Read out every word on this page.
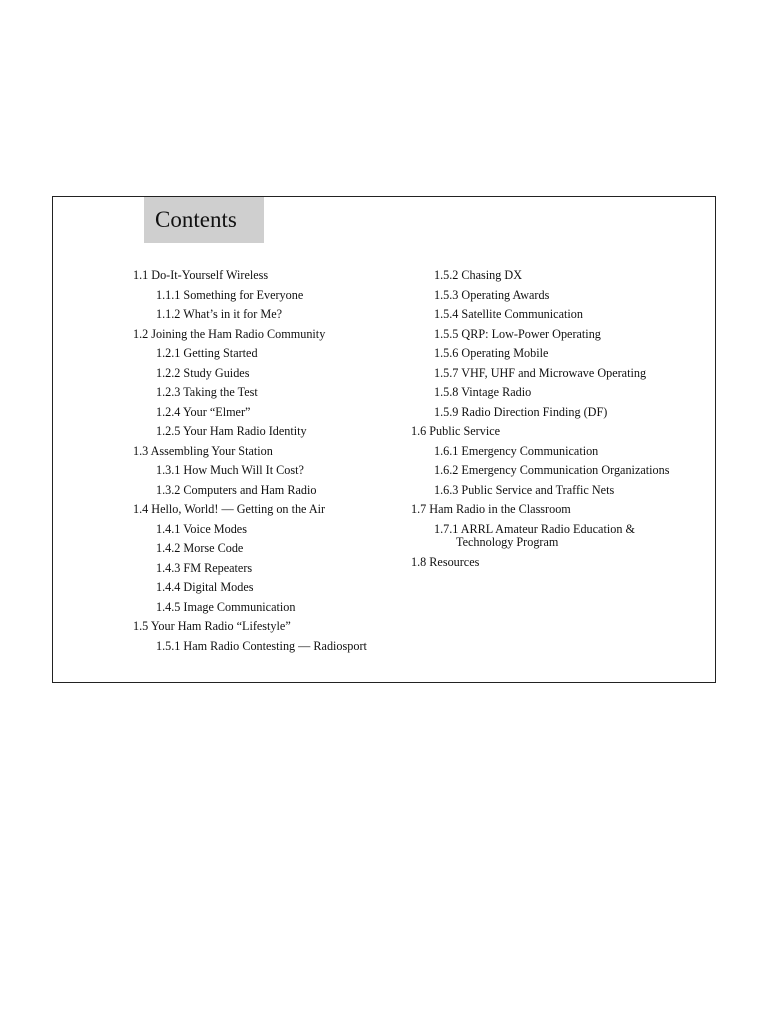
Contents
1.1 Do-It-Yourself Wireless
1.1.1 Something for Everyone
1.1.2 What’s in it for Me?
1.2 Joining the Ham Radio Community
1.2.1 Getting Started
1.2.2 Study Guides
1.2.3 Taking the Test
1.2.4 Your “Elmer”
1.2.5 Your Ham Radio Identity
1.3 Assembling Your Station
1.3.1 How Much Will It Cost?
1.3.2 Computers and Ham Radio
1.4 Hello, World! — Getting on the Air
1.4.1 Voice Modes
1.4.2 Morse Code
1.4.3 FM Repeaters
1.4.4 Digital Modes
1.4.5 Image Communication
1.5 Your Ham Radio “Lifestyle”
1.5.1 Ham Radio Contesting — Radiosport
1.5.2 Chasing DX
1.5.3 Operating Awards
1.5.4 Satellite Communication
1.5.5 QRP: Low-Power Operating
1.5.6 Operating Mobile
1.5.7 VHF, UHF and Microwave Operating
1.5.8 Vintage Radio
1.5.9 Radio Direction Finding (DF)
1.6 Public Service
1.6.1 Emergency Communication
1.6.2 Emergency Communication Organizations
1.6.3 Public Service and Traffic Nets
1.7 Ham Radio in the Classroom
1.7.1 ARRL Amateur Radio Education & Technology Program
1.8 Resources
